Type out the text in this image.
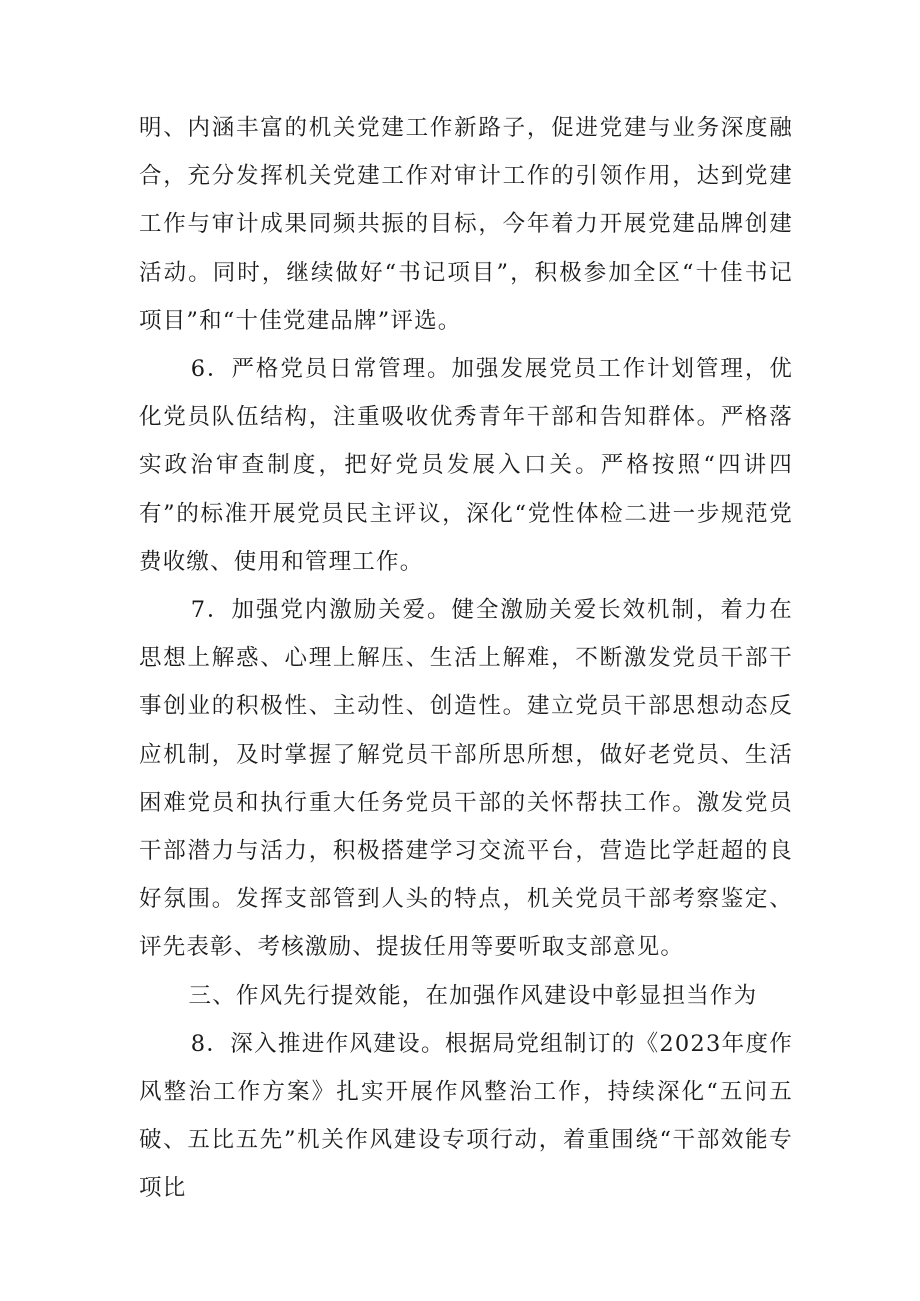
明、内涵丰富的机关党建工作新路子，促进党建与业务深度融合，充分发挥机关党建工作对审计工作的引领作用，达到党建工作与审计成果同频共振的目标，今年着力开展党建品牌创建活动。同时，继续做好“书记项目”，积极参加全区“十佳书记项目”和“十佳党建品牌”评选。

6．严格党员日常管理。加强发展党员工作计划管理，优化党员队伍结构，注重吸收优秀青年干部和告知群体。严格落实政治审查制度，把好党员发展入口关。严格按照“四讲四有”的标准开展党员民主评议，深化“党性体检二进一步规范党费收缴、使用和管理工作。

7．加强党内激励关爱。健全激励关爱长效机制，着力在思想上解惑、心理上解压、生活上解难，不断激发党员干部干事创业的积极性、主动性、创造性。建立党员干部思想动态反应机制，及时掌握了解党员干部所思所想，做好老党员、生活困难党员和执行重大任务党员干部的关怀帮扶工作。激发党员干部潜力与活力，积极搭建学习交流平台，营造比学赶超的良好氛围。发挥支部管到人头的特点，机关党员干部考察鉴定、评先表彰、考核激励、提拔任用等要听取支部意见。

三、作风先行提效能，在加强作风建设中彰显担当作为

8．深入推进作风建设。根据局党组制订的《2023年度作风整治工作方案》扎实开展作风整治工作，持续深化“五问五破、五比五先”机关作风建设专项行动，着重围绕“干部效能专项比
